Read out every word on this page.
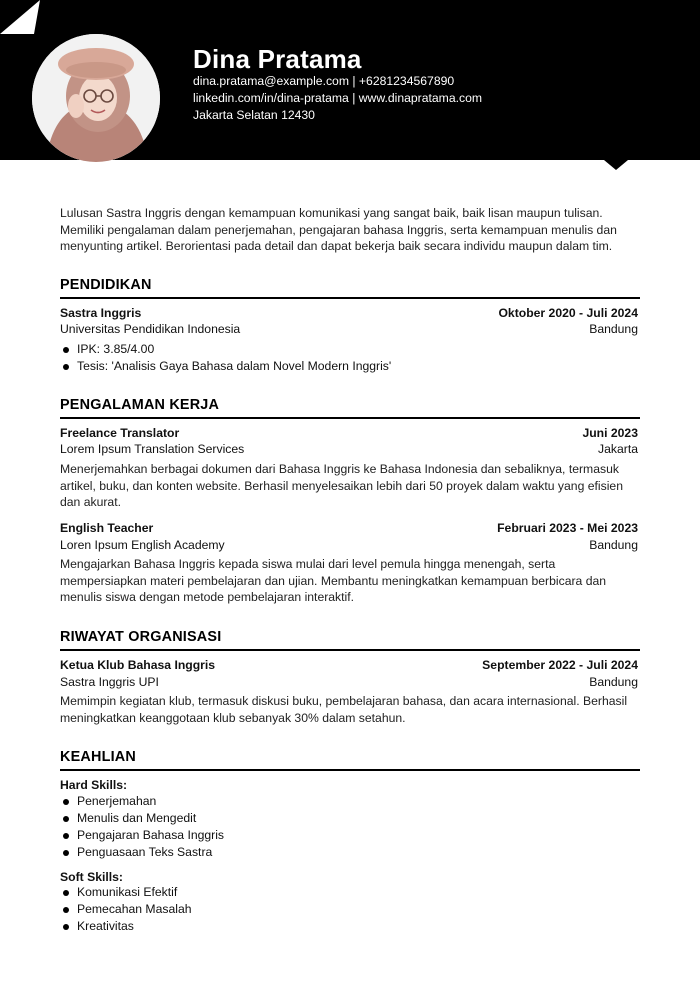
Dina Pratama
dina.pratama@example.com | +6281234567890
linkedin.com/in/dina-pratama | www.dinapratama.com
Jakarta Selatan 12430
Lulusan Sastra Inggris dengan kemampuan komunikasi yang sangat baik, baik lisan maupun tulisan. Memiliki pengalaman dalam penerjemahan, pengajaran bahasa Inggris, serta kemampuan menulis dan menyunting artikel. Berorientasi pada detail dan dapat bekerja baik secara individu maupun dalam tim.
PENDIDIKAN
Sastra Inggris	Oktober 2020 - Juli 2024
Universitas Pendidikan Indonesia	Bandung
IPK: 3.85/4.00
Tesis: 'Analisis Gaya Bahasa dalam Novel Modern Inggris'
PENGALAMAN KERJA
Freelance Translator	Juni 2023
Lorem Ipsum Translation Services	Jakarta
Menerjemahkan berbagai dokumen dari Bahasa Inggris ke Bahasa Indonesia dan sebaliknya, termasuk artikel, buku, dan konten website. Berhasil menyelesaikan lebih dari 50 proyek dalam waktu yang efisien dan akurat.
English Teacher	Februari 2023 - Mei 2023
Loren Ipsum English Academy	Bandung
Mengajarkan Bahasa Inggris kepada siswa mulai dari level pemula hingga menengah, serta mempersiapkan materi pembelajaran dan ujian. Membantu meningkatkan kemampuan berbicara dan menulis siswa dengan metode pembelajaran interaktif.
RIWAYAT ORGANISASI
Ketua Klub Bahasa Inggris	September 2022 - Juli 2024
Sastra Inggris UPI	Bandung
Memimpin kegiatan klub, termasuk diskusi buku, pembelajaran bahasa, dan acara internasional. Berhasil meningkatkan keanggotaan klub sebanyak 30% dalam setahun.
KEAHLIAN
Hard Skills:
Penerjemahan
Menulis dan Mengedit
Pengajaran Bahasa Inggris
Penguasaan Teks Sastra
Soft Skills:
Komunikasi Efektif
Pemecahan Masalah
Kreativitas
